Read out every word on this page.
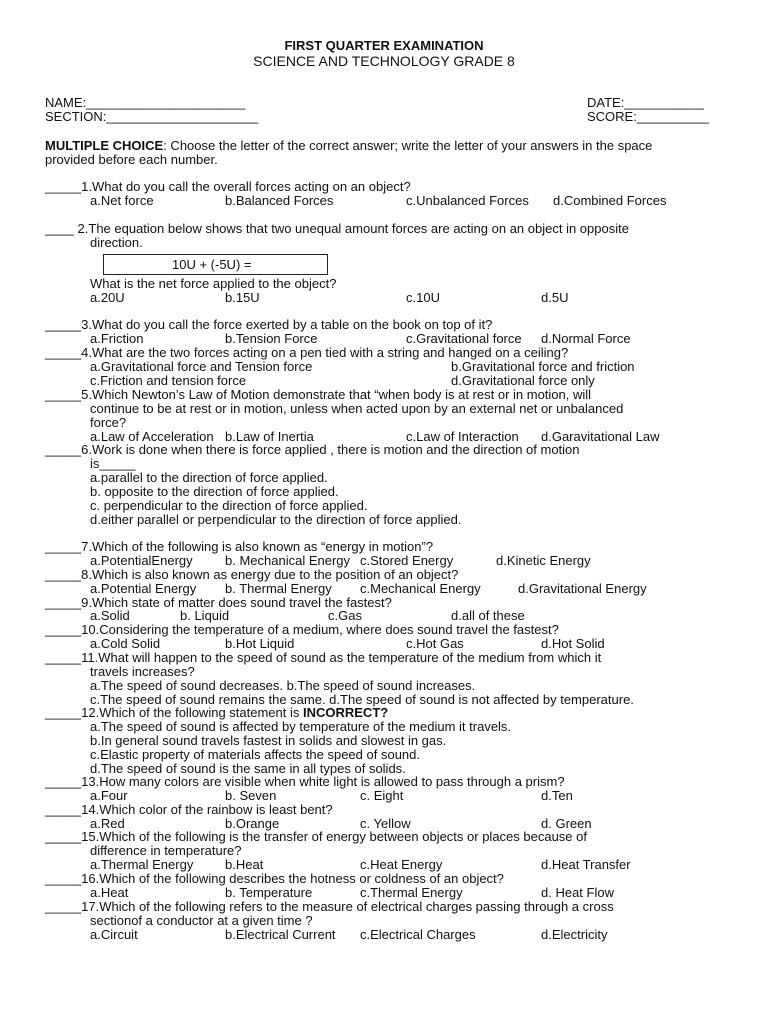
FIRST QUARTER EXAMINATION
SCIENCE AND TECHNOLOGY GRADE 8
NAME:______________________	DATE:___________
SECTION:_____________________	SCORE:__________
MULTIPLE CHOICE: Choose the letter of the correct answer; write the letter of your answers in the space
provided before each number.
_____1.What do you call the overall forces acting on an object?
a.Net force	b.Balanced Forces	c.Unbalanced Forces d.Combined Forces
____ 2.The equation below shows that two unequal amount forces are acting on an object in opposite
direction.
10U + (-5U) =
What is the net force applied to the object?
a.20U	b.15U	c.10U	d.5U
_____3.What do you call the force exerted by a table on the book on top of it?
a.Friction	b.Tension Force	c.Gravitational force d.Normal Force
_____4.What are the two forces acting on a pen tied with a string and hanged on a ceiling?
a.Gravitational force and Tension force	b.Gravitational force and friction
c.Friction and tension force	d.Gravitational force only
_____5.Which Newton’s Law of Motion demonstrate that “when body is at rest or in motion, will
continue to be at rest or in motion, unless when acted upon by an external net or unbalanced
force?
a.Law of Acceleration b.Law of Inertia	c.Law of Interaction d.Garavitational Law
_____6.Work is done when there is force applied , there is motion and the direction of motion
is_____
a.parallel to the direction of force applied.
b. opposite to the direction of force applied.
c. perpendicular to the direction of force applied.
d.either parallel or perpendicular to the direction of force applied.
_____7.Which of the following is also known as “energy in motion”?
a.PotentialEnergy b. Mechanical Energy c.Stored Energy	d.Kinetic Energy
_____8.Which is also known as energy due to the position of an object?
a.Potential Energy b. Thermal Energy c.Mechanical Energy	d.Gravitational Energy
_____9.Which state of matter does sound travel the fastest?
a.Solid	b. Liquid	c.Gas	d.all of these
_____10.Considering the temperature of a medium, where does sound travel the fastest?
a.Cold Solid	b.Hot Liquid	c.Hot Gas	d.Hot Solid
_____11.What will happen to the speed of sound as the temperature of the medium from which it
travels increases?
a.The speed of sound decreases. b.The speed of sound increases.
c.The speed of sound remains the same. d.The speed of sound is not affected by temperature.
_____12.Which of the following statement is INCORRECT?
a.The speed of sound is affected by temperature of the medium it travels.
b.In general sound travels fastest in solids and slowest in gas.
c.Elastic property of materials affects the speed of sound.
d.The speed of sound is the same in all types of solids.
_____13.How many colors are visible when white light is allowed to pass through a prism?
a.Four	b. Seven	c. Eight	d.Ten
_____14.Which color of the rainbow is least bent?
a.Red	b.Orange	c. Yellow	d. Green
_____15.Which of the following is the transfer of energy between objects or places because of
difference in temperature?
a.Thermal Energy b.Heat	c.Heat Energy	d.Heat Transfer
_____16.Which of the following describes the hotness or coldness of an object?
a.Heat	b. Temperature	c.Thermal Energy	d. Heat Flow
_____17.Which of the following refers to the measure of electrical charges passing through a cross
sectionof a conductor at a given time ?
a.Circuit	b.Electrical Current c.Electrical Charges	d.Electricity
